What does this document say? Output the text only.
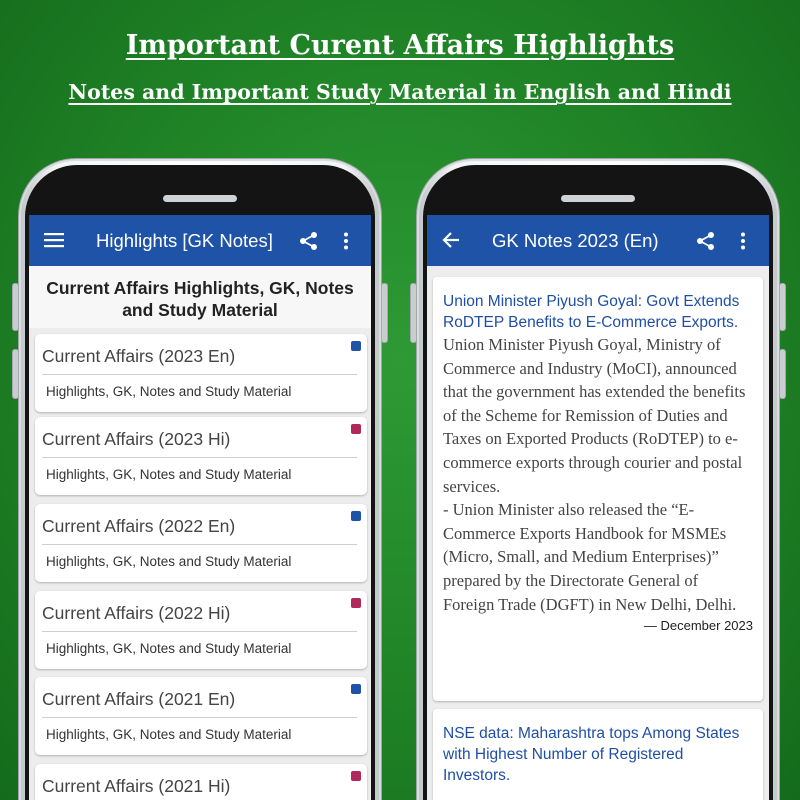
Important Curent Affairs Highlights
Notes and Important Study Material in English and Hindi
Highlights [GK Notes]
Current Affairs Highlights, GK, Notes and Study Material
Current Affairs (2023 En)
Highlights, GK, Notes and Study Material
Current Affairs (2023 Hi)
Highlights, GK, Notes and Study Material
Current Affairs (2022 En)
Highlights, GK, Notes and Study Material
Current Affairs (2022 Hi)
Highlights, GK, Notes and Study Material
Current Affairs (2021 En)
Highlights, GK, Notes and Study Material
Current Affairs (2021 Hi)
GK Notes 2023 (En)
Union Minister Piyush Goyal: Govt Extends RoDTEP Benefits to E-Commerce Exports.
Union Minister Piyush Goyal, Ministry of Commerce and Industry (MoCI), announced that the government has extended the benefits of the Scheme for Remission of Duties and Taxes on Exported Products (RoDTEP) to e-commerce exports through courier and postal services.
- Union Minister also released the “E-Commerce Exports Handbook for MSMEs (Micro, Small, and Medium Enterprises)” prepared by the Directorate General of Foreign Trade (DGFT) in New Delhi, Delhi.
— December 2023
NSE data: Maharashtra tops Among States with Highest Number of Registered Investors.
